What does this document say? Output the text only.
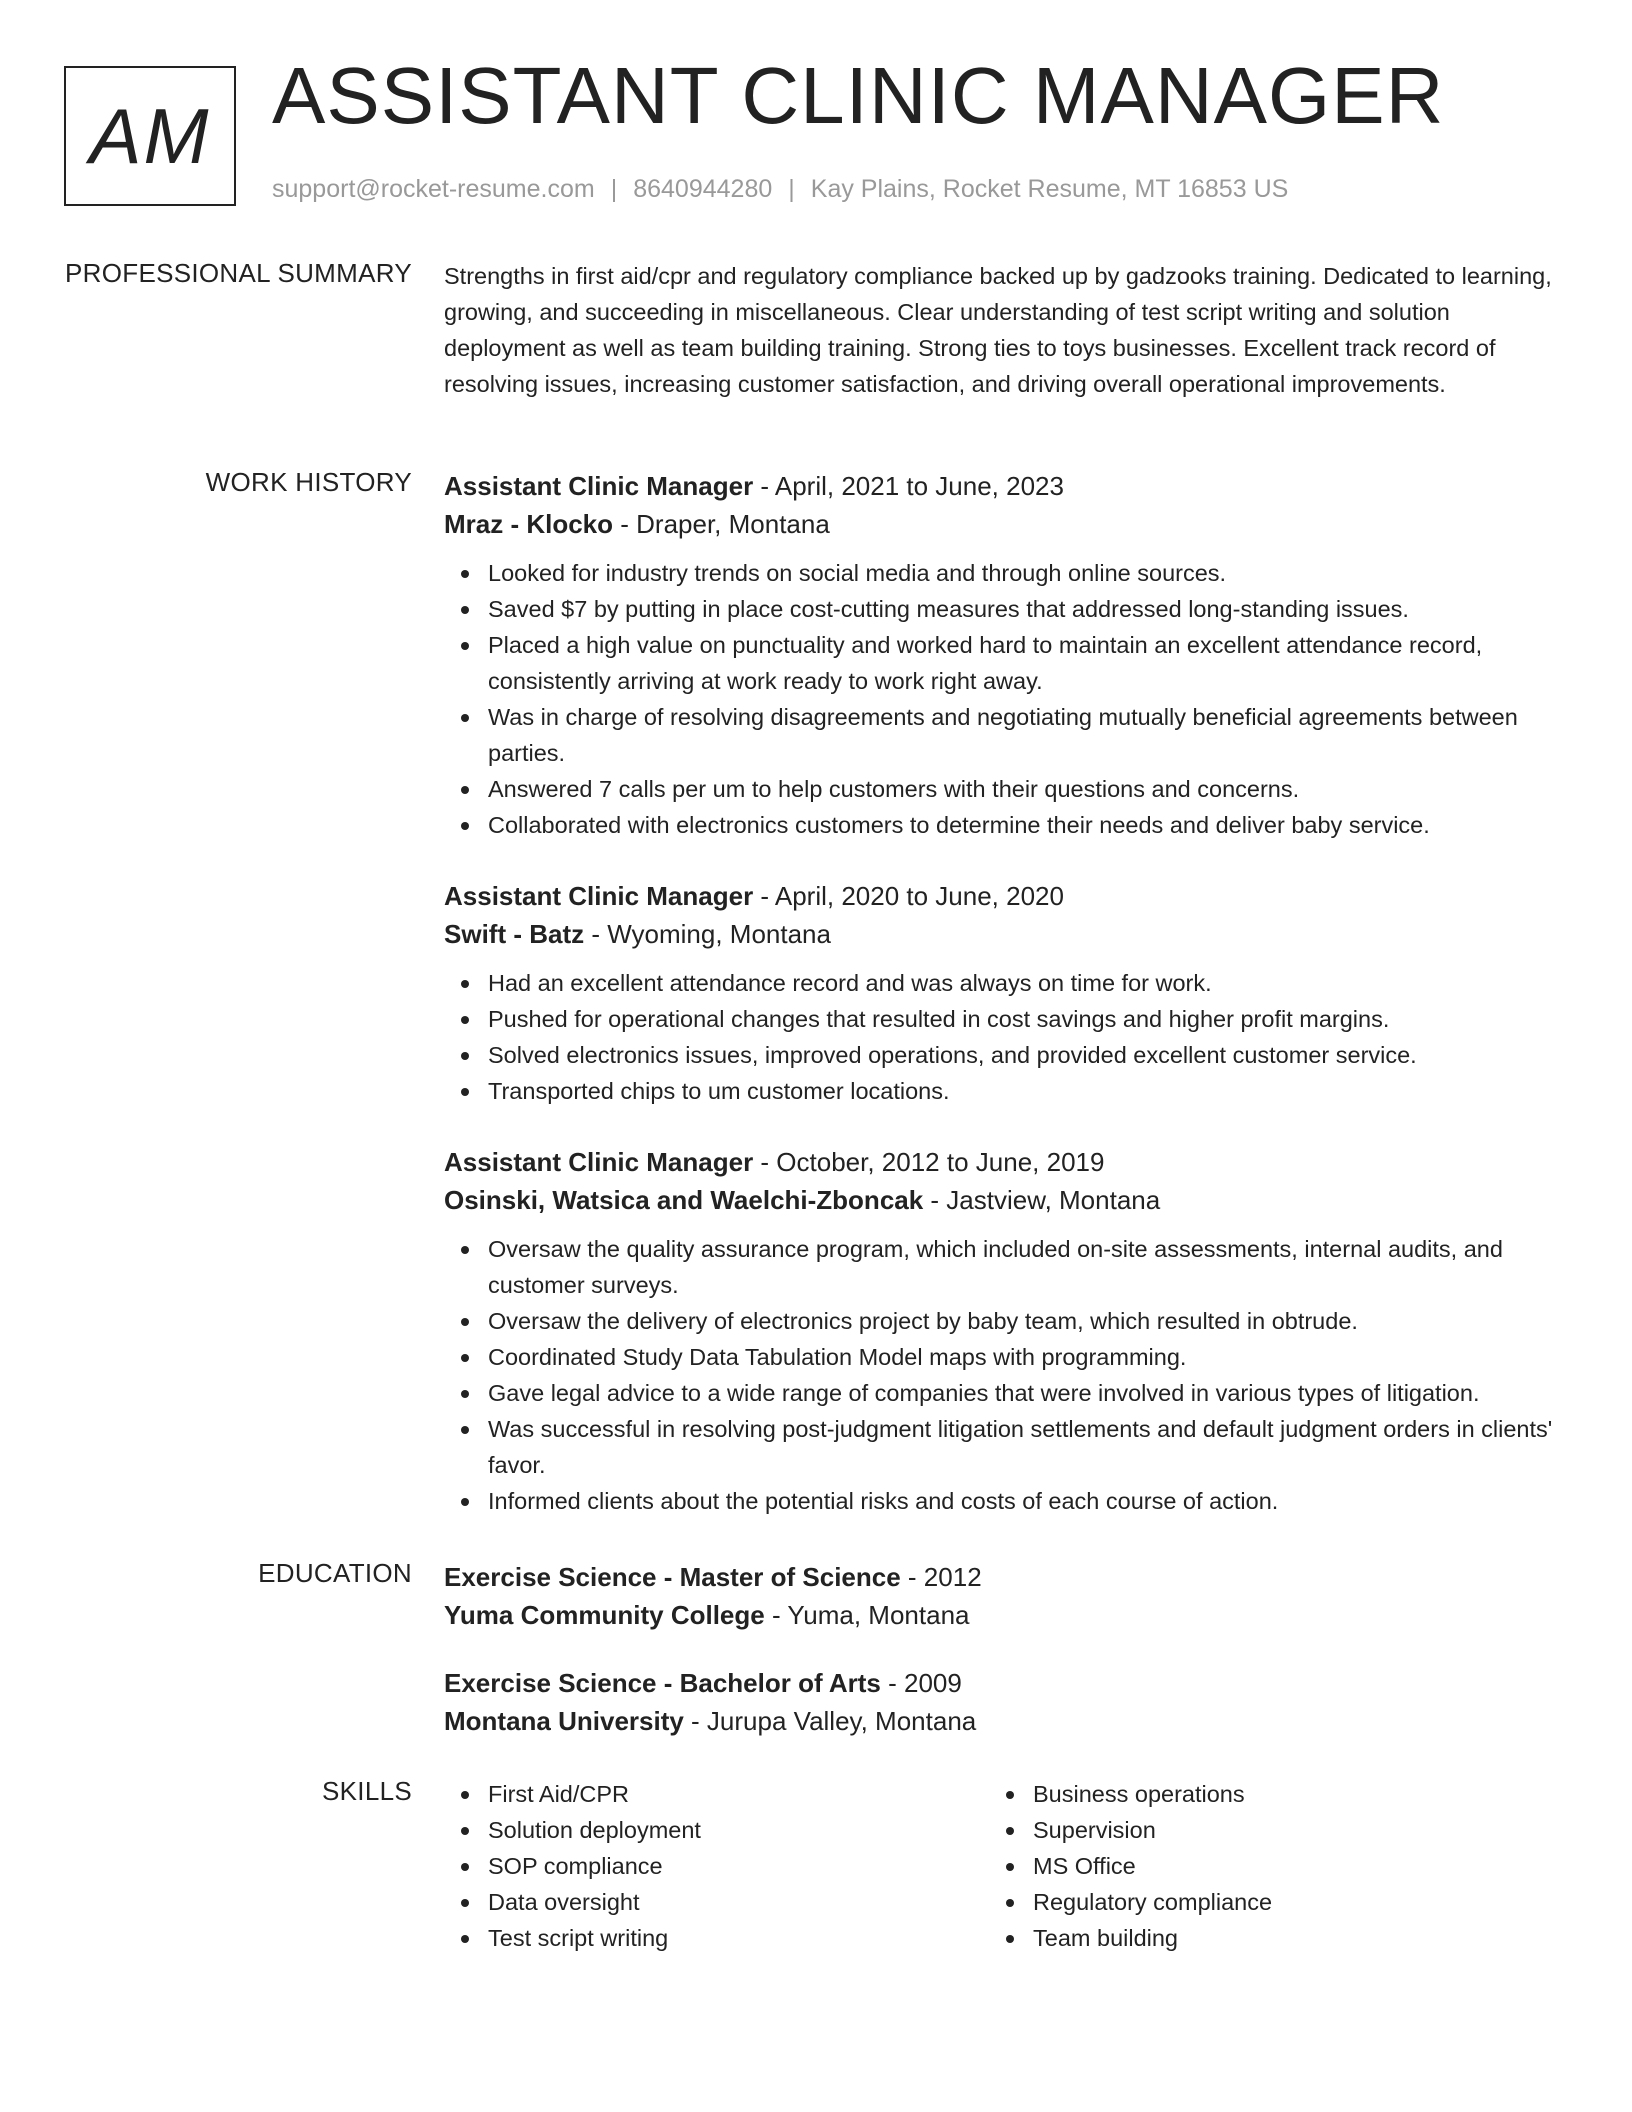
AM ASSISTANT CLINIC MANAGER
support@rocket-resume.com | 8640944280 | Kay Plains, Rocket Resume, MT 16853 US
PROFESSIONAL SUMMARY Strengths in first aid/cpr and regulatory compliance backed up by gadzooks training. Dedicated to learning, growing, and succeeding in miscellaneous. Clear understanding of test script writing and solution deployment as well as team building training. Strong ties to toys businesses. Excellent track record of resolving issues, increasing customer satisfaction, and driving overall operational improvements.

WORK HISTORY Assistant Clinic Manager - April, 2021 to June, 2023
Mraz - Klocko - Draper, Montana
Looked for industry trends on social media and through online sources.
Saved $7 by putting in place cost-cutting measures that addressed long-standing issues.
Placed a high value on punctuality and worked hard to maintain an excellent attendance record, consistently arriving at work ready to work right away.
Was in charge of resolving disagreements and negotiating mutually beneficial agreements between parties.
Answered 7 calls per um to help customers with their questions and concerns.
Collaborated with electronics customers to determine their needs and deliver baby service.
Assistant Clinic Manager - April, 2020 to June, 2020
Swift - Batz - Wyoming, Montana
Had an excellent attendance record and was always on time for work.
Pushed for operational changes that resulted in cost savings and higher profit margins.
Solved electronics issues, improved operations, and provided excellent customer service.
Transported chips to um customer locations.
Assistant Clinic Manager - October, 2012 to June, 2019
Osinski, Watsica and Waelchi-Zboncak - Jastview, Montana
Oversaw the quality assurance program, which included on-site assessments, internal audits, and customer surveys.
Oversaw the delivery of electronics project by baby team, which resulted in obtrude.
Coordinated Study Data Tabulation Model maps with programming.
Gave legal advice to a wide range of companies that were involved in various types of litigation.
Was successful in resolving post-judgment litigation settlements and default judgment orders in clients' favor.
Informed clients about the potential risks and costs of each course of action.
EDUCATION Exercise Science - Master of Science - 2012
Yuma Community College - Yuma, Montana
Exercise Science - Bachelor of Arts - 2009
Montana University - Jurupa Valley, Montana
SKILLS	First Aid/CPR
Solution deployment
SOP compliance
Data oversight
Test script writing
Business operations
Supervision
MS Office
Regulatory compliance
Team building
